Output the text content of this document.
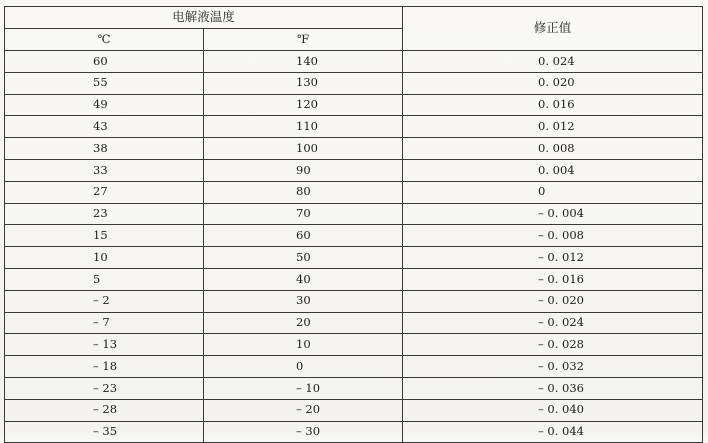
电解液温度		修正值
℃	℉	
60	140	0. 024
55	130	0. 020
49	120	0. 016
43	110	0. 012
38	100	0. 008
33	90	0. 004
27	80	0
23	70	– 0. 004
15	60	– 0. 008
10	50	– 0. 012
5	40	– 0. 016
– 2	30	– 0. 020
– 7	20	– 0. 024
– 13	10	– 0. 028
– 18	0	– 0. 032
– 23	– 10	– 0. 036
– 28	– 20	– 0. 040
– 35	– 30	– 0. 044
